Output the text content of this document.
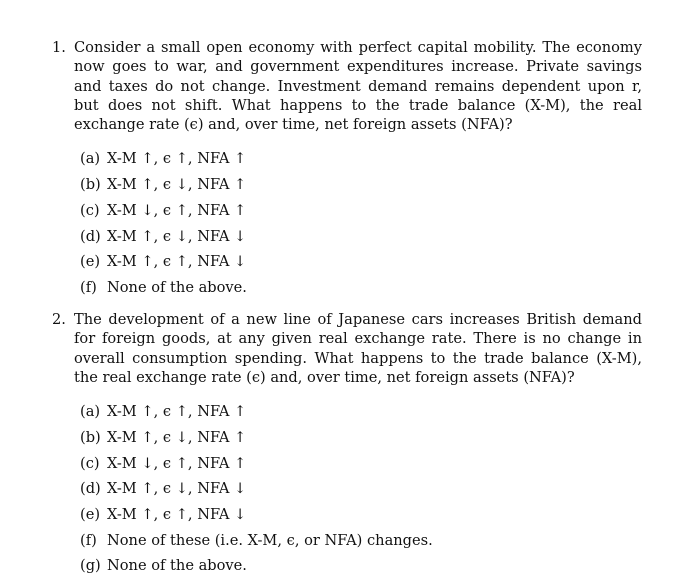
1. Consider a small open economy with perfect capital mobility. The economy now goes to war, and government expenditures increase. Private savings and taxes do not change. Investment demand remains dependent upon r, but does not shift. What happens to the trade balance (X-M), the real exchange rate (ϵ) and, over time, net foreign assets (NFA)?
(a) X-M ↑, ϵ ↑, NFA ↑
(b) X-M ↑, ϵ ↓, NFA ↑
(c) X-M ↓, ϵ ↑, NFA ↑
(d) X-M ↑, ϵ ↓, NFA ↓
(e) X-M ↑, ϵ ↑, NFA ↓
(f) None of the above.
2. The development of a new line of Japanese cars increases British demand for foreign goods, at any given real exchange rate. There is no change in overall consumption spending. What happens to the trade balance (X-M), the real exchange rate (ϵ) and, over time, net foreign assets (NFA)?
(a) X-M ↑, ϵ ↑, NFA ↑
(b) X-M ↑, ϵ ↓, NFA ↑
(c) X-M ↓, ϵ ↑, NFA ↑
(d) X-M ↑, ϵ ↓, NFA ↓
(e) X-M ↑, ϵ ↑, NFA ↓
(f) None of these (i.e. X-M, ϵ, or NFA) changes.
(g) None of the above.
